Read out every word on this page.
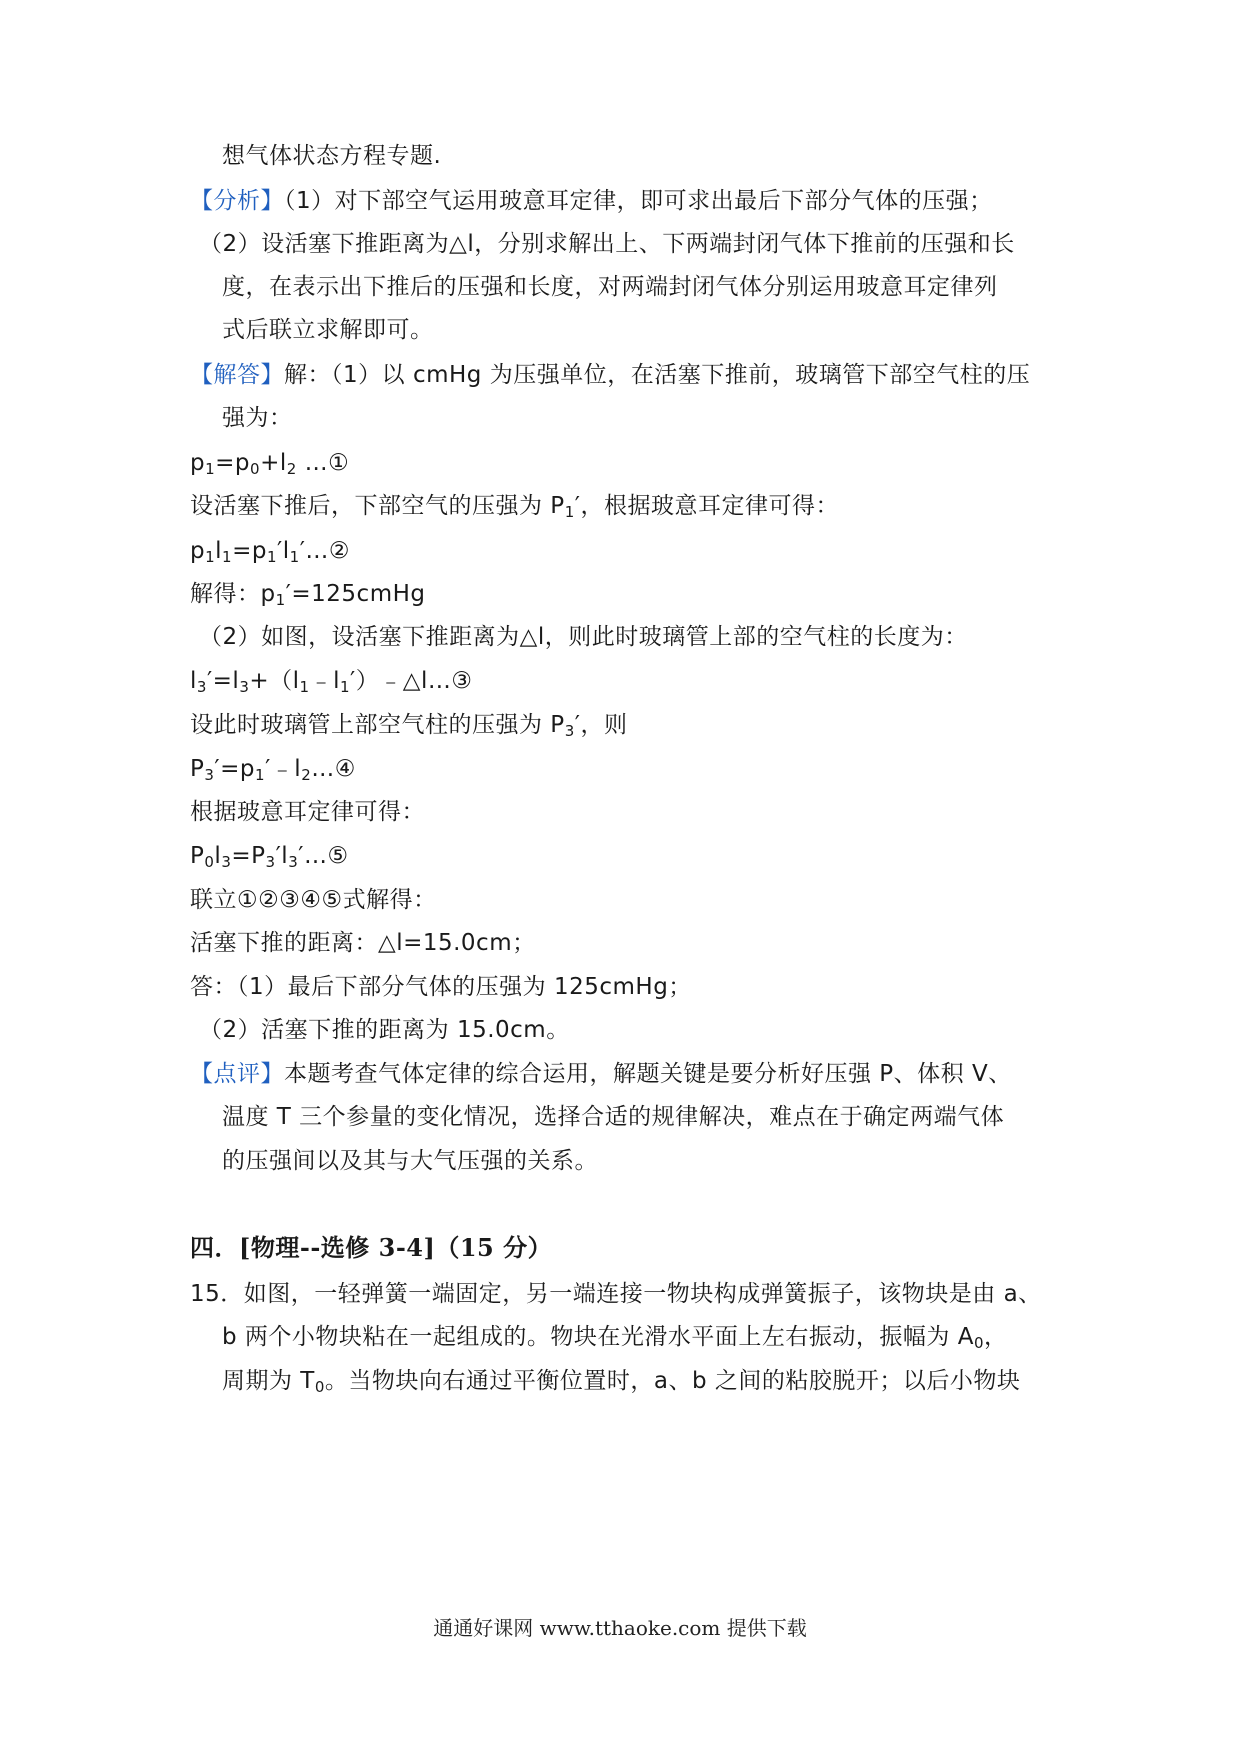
想气体状态方程专题.
【分析】（1）对下部空气运用玻意耳定律，即可求出最后下部分气体的压强；
（2）设活塞下推距离为△l，分别求解出上、下两端封闭气体下推前的压强和长
度，在表示出下推后的压强和长度，对两端封闭气体分别运用玻意耳定律列
式后联立求解即可。
【解答】解：（1）以 cmHg 为压强单位，在活塞下推前，玻璃管下部空气柱的压
强为：
$p_1=p_0+l_2$ …①
设活塞下推后，下部空气的压强为 $P_1'$，根据玻意耳定律可得：
$p_1l_1=p_1'l_1'\dots ②$
解得：$p_1'=125cmHg$
（2）如图，设活塞下推距离为△l，则此时玻璃管上部的空气柱的长度为：
$l_3'=l_3+(l_1﹣l_1')﹣\triangle l\dots ③$
设此时玻璃管上部空气柱的压强为 $P_3'$，则
$P_3'=p_1'﹣l_2\dots ④$
根据玻意耳定律可得：
$P_0l_3=P_3'l_3'\dots ⑤$
联立①②③④⑤式解得：
活塞下推的距离：△l=15.0cm；
答：（1）最后下部分气体的压强为 125cmHg；
（2）活塞下推的距离为 15.0cm。
【点评】本题考查气体定律的综合运用，解题关键是要分析好压强 P、体积 V、
温度 T 三个参量的变化情况，选择合适的规律解决，难点在于确定两端气体
的压强间以及其与大气压强的关系。
四．[物理--选修 3-4]（15 分）
15．如图，一轻弹簧一端固定，另一端连接一物块构成弹簧振子，该物块是由 a、
b 两个小物块粘在一起组成的。物块在光滑水平面上左右振动，振幅为 $A_0$，
周期为 $T_0$。当物块向右通过平衡位置时，a、b 之间的粘胶脱开；以后小物块
通通好课网 www.tthaoke.com 提供下载
